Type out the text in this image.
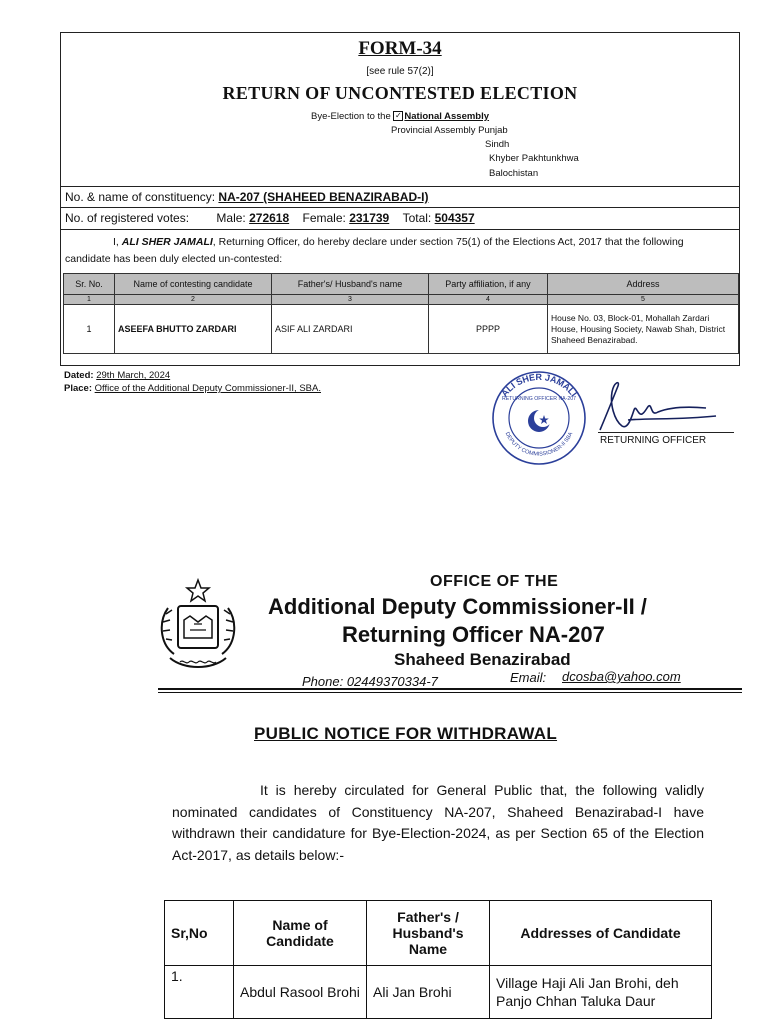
FORM-34
[see rule 57(2)]
RETURN OF UNCONTESTED ELECTION
Bye-Election to the ✓ National Assembly
Provincial Assembly Punjab
Sindh
Khyber Pakhtunkhwa
Balochistan
No. & name of constituency: NA-207 (SHAHEED BENAZIRABAD-I)
No. of registered votes: Male: 272618 Female: 231739 Total: 504357
I, ALI SHER JAMALI, Returning Officer, do hereby declare under section 75(1) of the Elections Act, 2017 that the following candidate has been duly elected un-contested:
Sr. No.	Name of contesting candidate	Father's/ Husband's name	Party affiliation, if any	Address
1	2	3	4	5
1	ASEEFA BHUTTO ZARDARI	ASIF ALI ZARDARI	PPPP	House No. 03, Block-01, Mohallah Zardari House, Housing Society, Nawab Shah, District Shaheed Benazirabad.
Dated: 29th March, 2024
Place: Office of the Additional Deputy Commissioner-II, SBA.	ALI SHER JAMALI
DEPUTY COMMISSIONER-II SBA
RETURNING OFFICER NA-207
RETURNING OFFICER
OFFICE OF THE
Additional Deputy Commissioner-II /
Returning Officer NA-207
Shaheed Benazirabad
Phone: 02449370334-7	Email: dcosba@yahoo.com
PUBLIC NOTICE FOR WITHDRAWAL
It is hereby circulated for General Public that, the following validly nominated candidates of Constituency NA-207, Shaheed Benazirabad-I have withdrawn their candidature for Bye-Election-2024, as per Section 65 of the Election Act-2017, as details below:-
Sr,No	Name of Candidate	Father's / Husband's Name	Addresses of Candidate
1.	Abdul Rasool Brohi	Ali Jan Brohi	Village Haji Ali Jan Brohi, deh Panjo Chhan Taluka Daur
